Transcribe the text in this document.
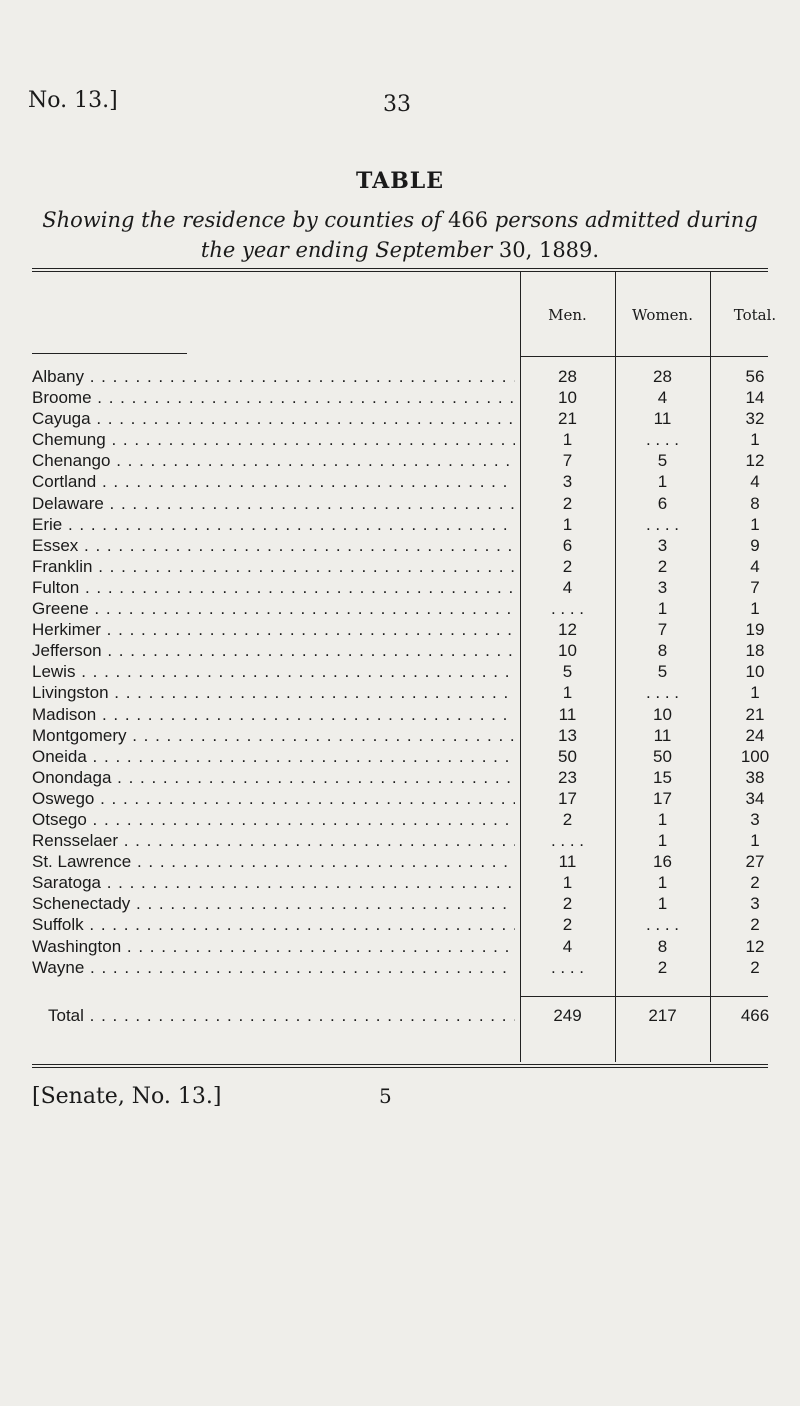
No. 13.]	33
TABLE
Showing the residence by counties of 466 persons admitted during the year ending September 30, 1889.
Men.	Women.	Total.
Albany . . .	28	28	56
Broome . . .	10	4	14
Cayuga . . .	21	11	32
Chemung . . .	1	. . . .	1
Chenango . . .	7	5	12
Cortland . . .	3	1	4
Delaware . . .	2	6	8
Erie . . .	1	. . . .	1
Essex . . .	6	3	9
Franklin . . .	2	2	4
Fulton . . .	4	3	7
Greene . . .	. . . .	1	1
Herkimer . . .	12	7	19
Jefferson . . .	10	8	18
Lewis . . .	5	5	10
Livingston . . .	1	. . . .	1
Madison . . .	11	10	21
Montgomery . . .	13	11	24
Oneida . . .	50	50	100
Onondaga . . .	23	15	38
Oswego . . .	17	17	34
Otsego . . .	2	1	3
Rensselaer . . .	. . . .	1	1
St. Lawrence . . .	11	16	27
Saratoga . . .	1	1	2
Schenectady . . .	2	1	3
Suffolk . . .	2	. . . .	2
Washington . . .	4	8	12
Wayne . . .	. . . .	2	2
Total . . .	249	217	466
[Senate, No. 13.]	5
